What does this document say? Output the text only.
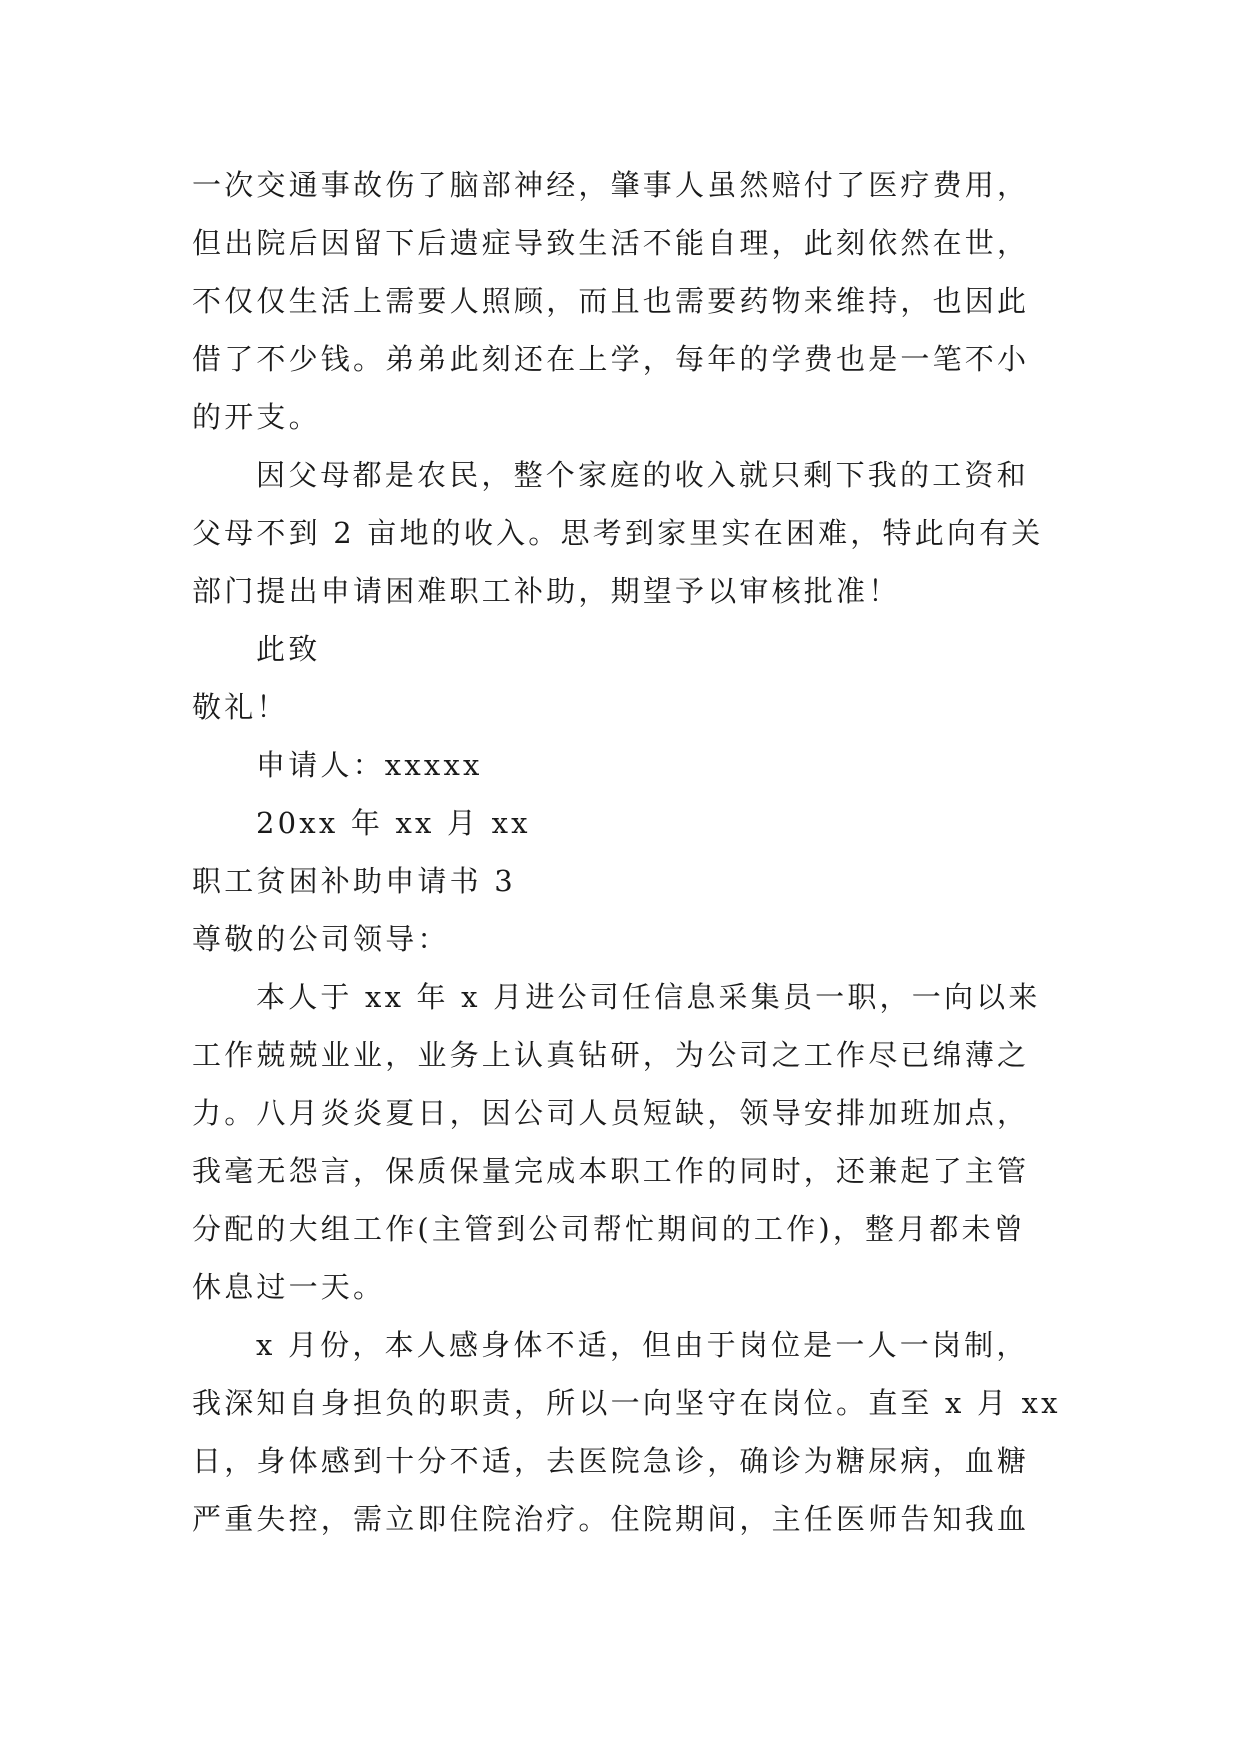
一次交通事故伤了脑部神经，肇事人虽然赔付了医疗费用，
但出院后因留下后遗症导致生活不能自理，此刻依然在世，
不仅仅生活上需要人照顾，而且也需要药物来维持，也因此
借了不少钱。弟弟此刻还在上学，每年的学费也是一笔不小
的开支。
因父母都是农民，整个家庭的收入就只剩下我的工资和
父母不到 2 亩地的收入。思考到家里实在困难，特此向有关
部门提出申请困难职工补助，期望予以审核批准！
此致
敬礼！
申请人：xxxxx
20xx 年 xx 月 xx
职工贫困补助申请书 3
尊敬的公司领导：
本人于 xx 年 x 月进公司任信息采集员一职，一向以来
工作兢兢业业，业务上认真钻研，为公司之工作尽已绵薄之
力。八月炎炎夏日，因公司人员短缺，领导安排加班加点，
我毫无怨言，保质保量完成本职工作的同时，还兼起了主管
分配的大组工作(主管到公司帮忙期间的工作)，整月都未曾
休息过一天。
x 月份，本人感身体不适，但由于岗位是一人一岗制，
我深知自身担负的职责，所以一向坚守在岗位。直至 x 月 xx
日，身体感到十分不适，去医院急诊，确诊为糖尿病，血糖
严重失控，需立即住院治疗。住院期间，主任医师告知我血
